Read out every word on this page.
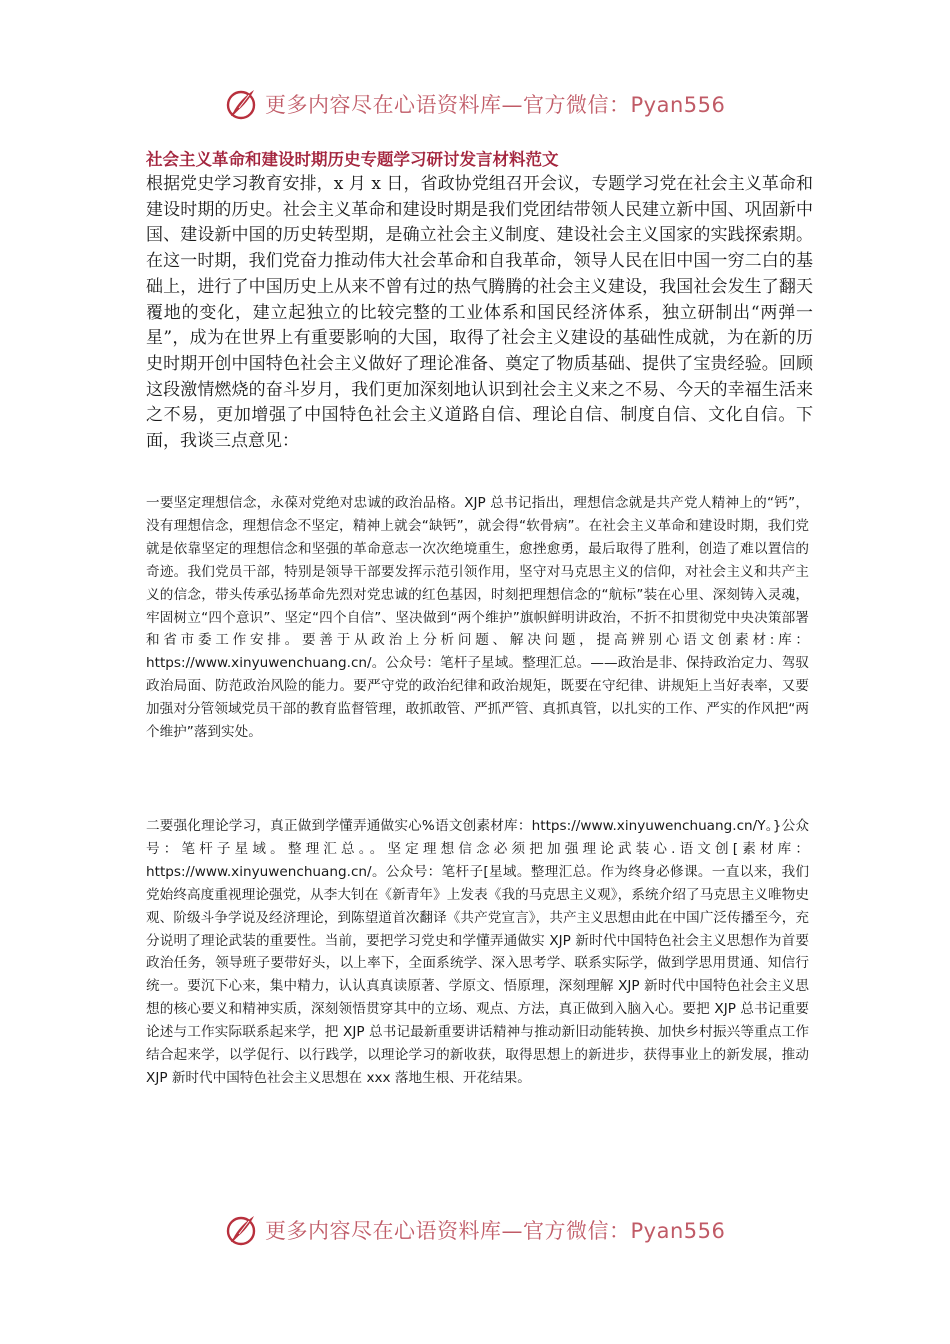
更多内容尽在心语资料库—官方微信：Pyan556
社会主义革命和建设时期历史专题学习研讨发言材料范文

根据党史学习教育安排，x 月 x 日，省政协党组召开会议，专题学习党在社会主义革命和建设时期的历史。社会主义革命和建设时期是我们党团结带领人民建立新中国、巩固新中国、建设新中国的历史转型期，是确立社会主义制度、建设社会主义国家的实践探索期。在这一时期，我们党奋力推动伟大社会革命和自我革命，领导人民在旧中国一穷二白的基础上，进行了中国历史上从来不曾有过的热气腾腾的社会主义建设，我国社会发生了翻天覆地的变化，建立起独立的比较完整的工业体系和国民经济体系，独立研制出“两弹一星”，成为在世界上有重要影响的大国，取得了社会主义建设的基础性成就，为在新的历史时期开创中国特色社会主义做好了理论准备、奠定了物质基础、提供了宝贵经验。回顾这段激情燃烧的奋斗岁月，我们更加深刻地认识到社会主义来之不易、今天的幸福生活来之不易，更加增强了中国特色社会主义道路自信、理论自信、制度自信、文化自信。下面，我谈三点意见：

一要坚定理想信念，永葆对党绝对忠诚的政治品格。XJP 总书记指出，理想信念就是共产党人精神上的“钙”，没有理想信念，理想信念不坚定，精神上就会“缺钙”，就会得“软骨病”。在社会主义革命和建设时期，我们党就是依靠坚定的理想信念和坚强的革命意志一次次绝境重生，愈挫愈勇，最后取得了胜利，创造了难以置信的奇迹。我们党员干部，特别是领导干部要发挥示范引领作用，坚守对马克思主义的信仰，对社会主义和共产主义的信念，带头传承弘扬革命先烈对党忠诚的红色基因，时刻把理想信念的“航标”装在心里、深刻铸入灵魂，牢固树立“四个意识”、坚定“四个自信”、坚决做到“两个维护”旗帜鲜明讲政治，不折不扣贯彻党中央决策部署和省市委工作安排。要善于从政治上分析问题、解决问题，提高辨别心语文创素材:库：https://www.xinyuwenchuang.cn/。公众号：笔杆子星域。整理汇总。——政治是非、保持政治定力、驾驭政治局面、防范政治风险的能力。要严守党的政治纪律和政治规矩，既要在守纪律、讲规矩上当好表率，又要加强对分管领域党员干部的教育监督管理，敢抓敢管、严抓严管、真抓真管，以扎实的工作、严实的作风把“两个维护”落到实处。

二要强化理论学习，真正做到学懂弄通做实心%语文创素材库：https://www.xinyuwenchuang.cn/Y。}公众号：笔杆子星域。整理汇总。。坚定理想信念必须把加强理论武装心.语文创[素材库：https://www.xinyuwenchuang.cn/。公众号：笔杆子[星域。整理汇总。作为终身必修课。一直以来，我们党始终高度重视理论强党，从李大钊在《新青年》上发表《我的马克思主义观》，系统介绍了马克思主义唯物史观、阶级斗争学说及经济理论，到陈望道首次翻译《共产党宣言》，共产主义思想由此在中国广泛传播至今，充分说明了理论武装的重要性。当前，要把学习党史和学懂弄通做实 XJP 新时代中国特色社会主义思想作为首要政治任务，领导班子要带好头，以上率下，全面系统学、深入思考学、联系实际学，做到学思用贯通、知信行统一。要沉下心来，集中精力，认认真真读原著、学原文、悟原理，深刻理解 XJP 新时代中国特色社会主义思想的核心要义和精神实质，深刻领悟贯穿其中的立场、观点、方法，真正做到入脑入心。要把 XJP 总书记重要论述与工作实际联系起来学，把 XJP 总书记最新重要讲话精神与推动新旧动能转换、加快乡村振兴等重点工作结合起来学，以学促行、以行践学，以理论学习的新收获，取得思想上的新进步，获得事业上的新发展，推动 XJP 新时代中国特色社会主义思想在 xxx 落地生根、开花结果。

更多内容尽在心语资料库—官方微信：Pyan556
